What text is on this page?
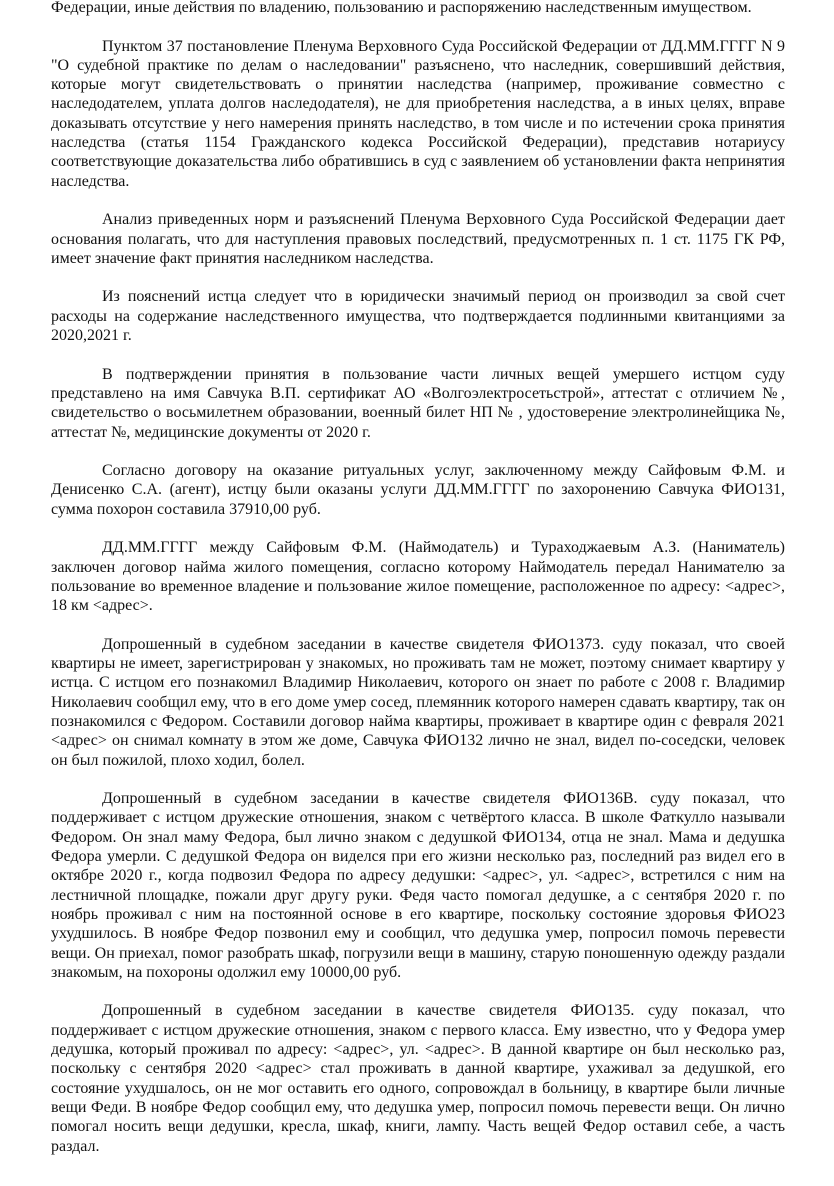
Федерации, иные действия по владению, пользованию и распоряжению наследственным имуществом.

Пунктом 37 постановление Пленума Верховного Суда Российской Федерации от ДД.ММ.ГГГГ N 9 "О судебной практике по делам о наследовании" разъяснено, что наследник, совершивший действия, которые могут свидетельствовать о принятии наследства (например, проживание совместно с наследодателем, уплата долгов наследодателя), не для приобретения наследства, а в иных целях, вправе доказывать отсутствие у него намерения принять наследство, в том числе и по истечении срока принятия наследства (статья 1154 Гражданского кодекса Российской Федерации), представив нотариусу соответствующие доказательства либо обратившись в суд с заявлением об установлении факта непринятия наследства.

Анализ приведенных норм и разъяснений Пленума Верховного Суда Российской Федерации дает основания полагать, что для наступления правовых последствий, предусмотренных п. 1 ст. 1175 ГК РФ, имеет значение факт принятия наследником наследства.

Из пояснений истца следует что в юридически значимый период он производил за свой счет расходы на содержание наследственного имущества, что подтверждается подлинными квитанциями за 2020,2021 г.

В подтверждении принятия в пользование части личных вещей умершего истцом суду представлено на имя Савчука В.П. сертификат АО «Волгоэлектросетьстрой», аттестат с отличием №, свидетельство о восьмилетнем образовании, военный билет НП № , удостоверение электролинейщика №, аттестат №, медицинские документы от 2020 г.

Согласно договору на оказание ритуальных услуг, заключенному между Сайфовым Ф.М. и Денисенко С.А. (агент), истцу были оказаны услуги ДД.ММ.ГГГГ по захоронению Савчука ФИО131, сумма похорон составила 37910,00 руб.

ДД.ММ.ГГГГ между Сайфовым Ф.М. (Наймодатель) и Тураходжаевым А.З. (Наниматель) заключен договор найма жилого помещения, согласно которому Наймодатель передал Нанимателю за пользование во временное владение и пользование жилое помещение, расположенное по адресу: <адрес>, 18 км <адрес>.

Допрошенный в судебном заседании в качестве свидетеля ФИО1373. суду показал, что своей квартиры не имеет, зарегистрирован у знакомых, но проживать там не может, поэтому снимает квартиру у истца. С истцом его познакомил Владимир Николаевич, которого он знает по работе с 2008 г. Владимир Николаевич сообщил ему, что в его доме умер сосед, племянник которого намерен сдавать квартиру, так он познакомился с Федором. Составили договор найма квартиры, проживает в квартире один с февраля 2021 <адрес> он снимал комнату в этом же доме, Савчука ФИО132 лично не знал, видел по-соседски, человек он был пожилой, плохо ходил, болел.

Допрошенный в судебном заседании в качестве свидетеля ФИО136В. суду показал, что поддерживает с истцом дружеские отношения, знаком с четвёртого класса. В школе Фаткулло называли Федором. Он знал маму Федора, был лично знаком с дедушкой ФИО134, отца не знал. Мама и дедушка Федора умерли. С дедушкой Федора он виделся при его жизни несколько раз, последний раз видел его в октябре 2020 г., когда подвозил Федора по адресу дедушки: <адрес>, ул. <адрес>, встретился с ним на лестничной площадке, пожали друг другу руки. Федя часто помогал дедушке, а с сентября 2020 г. по ноябрь проживал с ним на постоянной основе в его квартире, поскольку состояние здоровья ФИО23 ухудшилось. В ноябре Федор позвонил ему и сообщил, что дедушка умер, попросил помочь перевести вещи. Он приехал, помог разобрать шкаф, погрузили вещи в машину, старую поношенную одежду раздали знакомым, на похороны одолжил ему 10000,00 руб.

Допрошенный в судебном заседании в качестве свидетеля ФИО135. суду показал, что поддерживает с истцом дружеские отношения, знаком с первого класса. Ему известно, что у Федора умер дедушка, который проживал по адресу: <адрес>, ул. <адрес>. В данной квартире он был несколько раз, поскольку с сентября 2020 <адрес> стал проживать в данной квартире, ухаживал за дедушкой, его состояние ухудшалось, он не мог оставить его одного, сопровождал в больницу, в квартире были личные вещи Феди. В ноябре Федор сообщил ему, что дедушка умер, попросил помочь перевести вещи. Он лично помогал носить вещи дедушки, кресла, шкаф, книги, лампу. Часть вещей Федор оставил себе, а часть раздал.
